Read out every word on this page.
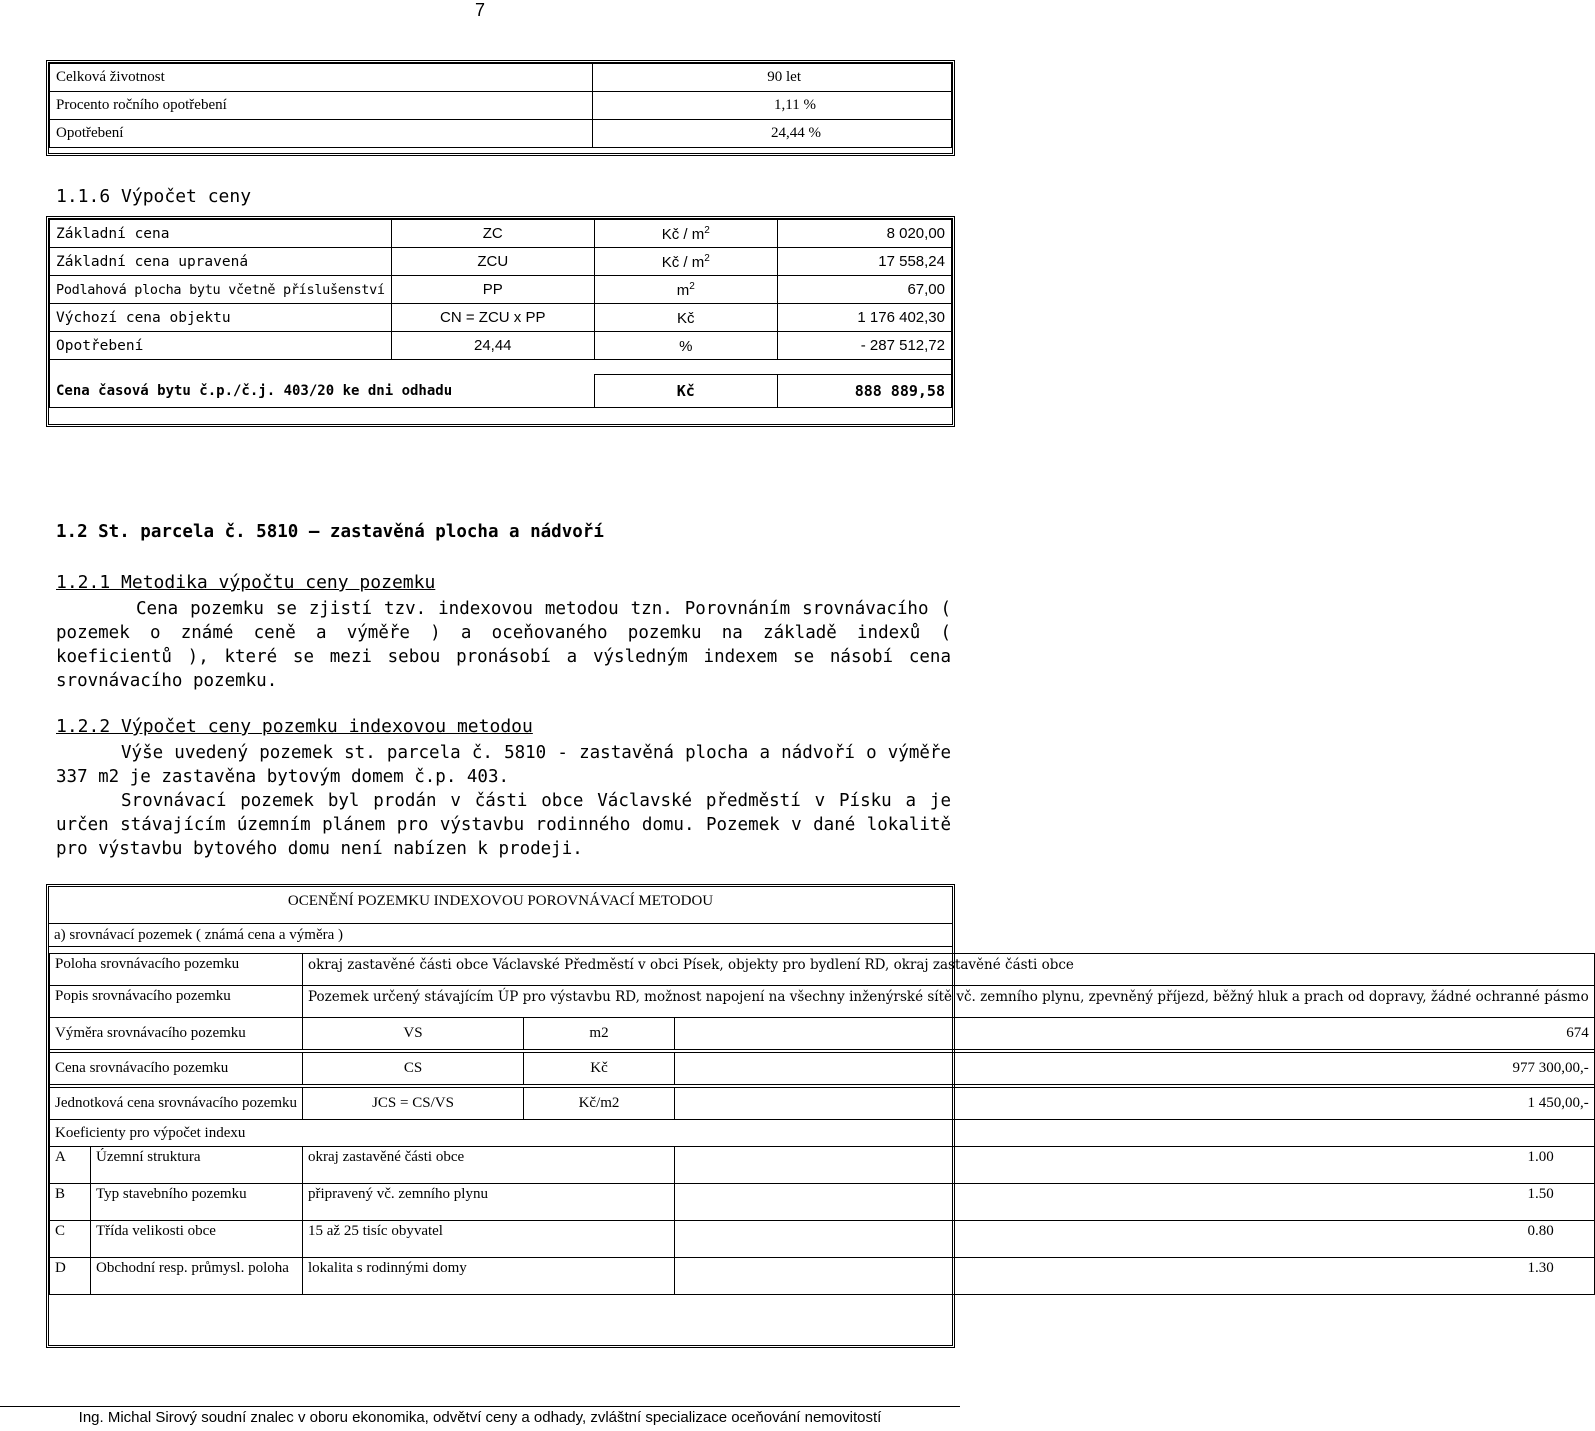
7
Celková životnost	90 let
Procento ročního opotřebení	1,11 %
Opotřebení	24,44 %
1.1.6 Výpočet ceny
Základní cena	ZC	Kč / $m^2$	8 020,00
Základní cena upravená	ZCU	Kč / $m^2$	17 558,24
Podlahová plocha bytu včetně příslušenství	PP	$m^2$	67,00
Výchozí cena objektu	CN = ZCU x PP	Kč	1 176 402,30
Opotřebení	24,44	%	- 287 512,72

Cena časová bytu č.p./č.j. 403/20 ke dni odhadu		Kč	888 889,58
1.2 St. parcela č. 5810 – zastavěná plocha a nádvoří
1.2.1 Metodika výpočtu ceny pozemku
Cena pozemku se zjistí tzv. indexovou metodou tzn. Porovnáním srovnávacího ( pozemek o známé ceně a výměře ) a oceňovaného pozemku na základě indexů ( koeficientů ), které se mezi sebou pronásobí a výsledným indexem se násobí cena srovnávacího pozemku.
1.2.2 Výpočet ceny pozemku indexovou metodou
Výše uvedený pozemek st. parcela č. 5810 - zastavěná plocha a nádvoří o výměře 337 m2 je zastavěna bytovým domem č.p. 403.
Srovnávací pozemek byl prodán v části obce Václavské předměstí v Písku a je určen stávajícím územním plánem pro výstavbu rodinného domu. Pozemek v dané lokalitě pro výstavbu bytového domu není nabízen k prodeji.
OCENĚNÍ POZEMKU INDEXOVOU POROVNÁVACÍ METODOU
a) srovnávací pozemek ( známá cena a výměra )
Poloha srovnávacího pozemku		okraj zastavěné části obce Václavské Předměstí v obci Písek, objekty pro bydlení RD, okraj zastavěné části obce		
Popis srovnávacího pozemku		Pozemek určený stávajícím ÚP pro výstavbu RD, možnost napojení na všechny inženýrské sítě vč. zemního plynu, zpevněný příjezd, běžný hluk a prach od dopravy, žádné ochranné pásmo		
Výměra srovnávacího pozemku		VS	m2	674

Cena srovnávacího pozemku		CS	Kč	977 300,00,-

Jednotková cena srovnávacího pozemku		JCS = CS/VS	Kč/m2	1 450,00,-
Koeficienty pro výpočet indexu				
A	Územní struktura	okraj zastavěné části obce		1.00
B	Typ stavebního pozemku	připravený vč. zemního plynu		1.50
C	Třída velikosti obce	15 až 25 tisíc obyvatel		0.80
D	Obchodní resp. průmysl. poloha	lokalita s rodinnými domy		1.30
Ing. Michal Sirový soudní znalec v oboru ekonomika, odvětví ceny a odhady, zvláštní specializace oceňování nemovitostí
